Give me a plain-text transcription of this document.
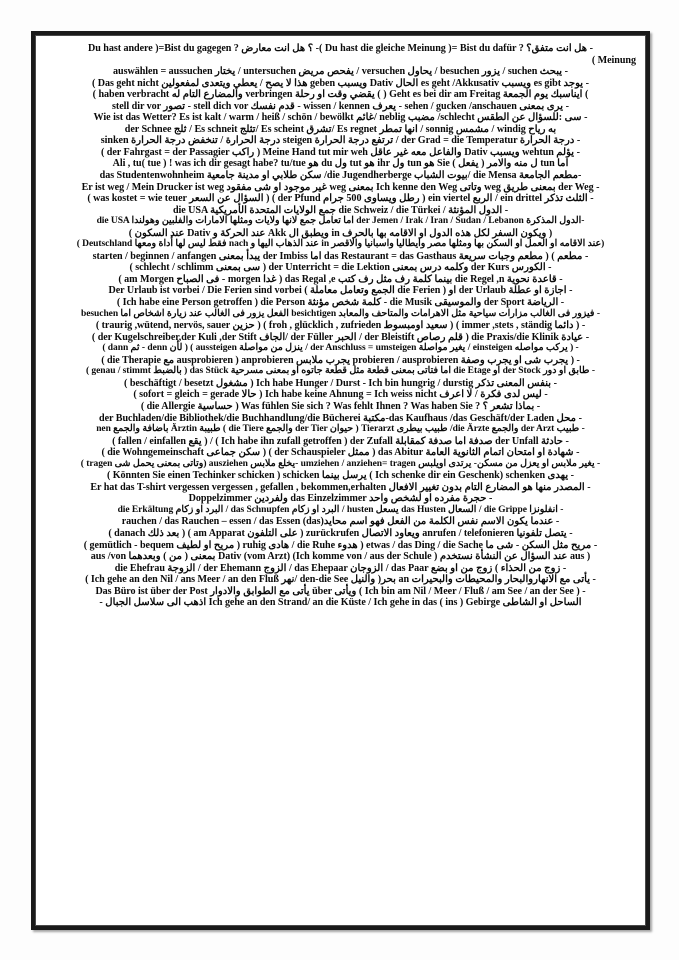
Du hast andere )=Bist du gagegen ? ؟ هل انت معارض -( Du hast die gleiche Meinung )= Bist du dafür ? هل انت متفق؟ -
( Meinung
auswählen = aussuchen يختار / untersuchen يفحص مريض / versuchen يحاول / besuchen يزور / suchen يبحث -
( Das geht nicht هذا لا يصح / يعطي ويتعدى لمفعولين geben ويسبب Dativ الحال es geht /Akkusativ ويسبب es gibt يوجد -
( haben verbracht والمضارع التام له verbringen يقضي وقت او رحلة ( ) Geht es bei dir am Freitag ايناسبك يوم الجمعة (
stell dir vor تصور - stell dich vor قدم نفسك - wissen / kennen يعرف - sehen / gucken /anschauen يرى بمعنى -
Wie ist das Wetter? Es ist kalt / warm / heiß / schön / bewölkt غائم/ neblig مضبب /schlecht سى :للسؤال عن الطقس -
der Schnee ثلج / Es schneit تثلج/ Es scheint تشرق/ Es regnet انها تمطر / sonnig مشمس / windig به رياح
sinken درجة الحرارة / تنخفض درجة الحرارة steigen ترتفع درجة الحرارة / der Grad = die Temperatur درجة الحرارة -
( der Fahrgast = der Passagier راكب ) Meine Hand tut mir weh والفاعل معه غير عاقل Dativ ويسبب wehtun يؤلم -
Ali , tu( tue ) ! was ich dir gesagt habe? tu/tue هو du ول tut هو ihr ول tun هو Sie ل منه والامر ( يفعل ) tun اما
das Studentenwohnheim سكن طلابي او مدينة جامعية /die Jugendherberge بيوت الشباب/ die Mensa مطعم الجامعة-
Er ist weg / Mein Drucker ist weg غير موجود او شى مفقود weg بمعنى Ich kenne den Weg وتاتى weg بمعنى طريق der Weg -
( was kostet = wie teuer السؤال عن السعر ) ( der Pfund رطل ويساوى 500 جرام ) ein viertel الربع / ein drittel الثلث تذكر -
die USA جمع الولايات المتحدة الأمريكية die Schweiz / die Türkei / الدول المؤنثة -
die USA اما تعامل جمع لانها ولايات ومثلها الامارات والفلبين وهولندا der Jemen / Irak / Iran / Sudan / Lebanon الدول المذكرة-
( ويكون السفر لكل هذه الدول او الاقامه بها بالحرف in ويطبق ال Akk عند الحركة و Dativ عند السكون )
( Deutschland فقط ليس لها أداة ومعها nach عند الذهاب اليها و in عند الاقامه او العمل او السكن بها ومثلها مصر وايطاليا واسبانيا والاقصر)
starten / beginnen / anfangen يبدأ بمعنى der Imbiss اما das Restaurant = das Gasthaus مطعم ) ( مطعم وجبات سريعة -
( schlecht / schlimm سى بمعنى ) der Unterricht = die Lektion وكلمه درس بمعنى der Kurs الكورس -
( am Morgen فى الصباح - morgen غدا ) das Regal ,e بينما كلمة رف مثل رف كتب die Regel ,n قاعدة نحوية -
Der Urlaub ist vorbei / Die Ferien sind vorbei ( الجمع وتعامل معاملة die Ferien ) او der Urlaub اجازة او عطلة -
( Ich habe eine Person getroffen ) die Person كلمة شخص مؤنثة - die Musik والموسيقى der Sport الرياضة -
besuchen الفعل يزور فى الغالب عند زيارة اشخاص اما besichtigen فيزور فى الغالب مزارات سياحية مثل الاهرامات والمتاحف والمعابد -
( traurig ,wütend, nervös, sauer حزين ) ( froh , glücklich , zufrieden سعيد اومبسوط ) ( immer ,stets , ständig دائما ) -
( der Kugelschreiber,der Kuli ,der Stift الجاف/ der Füller الحبر / der Bleistift قلم رصاص ) die Praxis/die Klinik عيادة -
( dann ثم - denn لأن ) ( aussteigen ينزل من مواصلة / der Anschluss = umsteigen يغير مواصلة / einsteigen يركب مواصله ) -
( die Therapie مع ausprobieren ) anprobieren يجرب ملابس probieren / ausprobieren يجرب شى او يجرب وصفة ) -
( genau / stimmt بالضبط ) das Stück اما فتاتى بمعنى قطعة مثل قطعة جاتوه او بمعنى مسرحية die Etage او der Stock طابق او دور -
( beschäftigt / besetzt مشغول ) Ich habe Hunger / Durst - Ich bin hungrig / durstig بنفس المعنى تذكر -
( sofort = gleich = gerade حالا ) Ich habe keine Ahnung = Ich weiss nicht ليس لدى فكرة / لا اعرف -
( die Allergie حساسية ) Was fühlen Sie sich ? Was fehlt Ihnen ? Was haben Sie ? بماذا تشعر ؟ -
der Buchladen/die Bibliothek/die Buchhandlung/die Bücherei مكتبة-das Kaufhaus /das Geschäft/der Laden محل -
nen باضافة والجمع Ärztin طبيبة ( die Tiere والجمع der Tier حيوان ) Tierarzt طبيب بيطرى /die Ärzte والجمع der Arzt طبيب -
( fallen / einfallen يقع ) / ( Ich habe ihn zufall getroffen ) der Zufall صدفة اما صدفة كمقابلة der Unfall حادثة -
( die Wohngemeinschaft سكن جماعى ) ( der Schauspieler ممثل ) das Abitur شهادة او امتحان اتمام الثانوية العامة -
( tragen وتاتى بمعنى يحمل شى) ausziehen يخلع ملابس- umziehen / anziehen= tragen يغير ملابس او يعزل من مسكن- يرتدى اويلبس -
( Könnten Sie einen Techinker schicken ) schicken يرسل بينما ( Ich schenke dir ein Geschenk) schenken يهدى -
Er hat das T-shirt vergessen vergessen , gefallen , bekommen,erhalten المصدر منها هو المضارع التام بدون تغيير الافعال -
Doppelzimmer ولفردين das Einzelzimmer حجرة مفرده او لشخص واحد -
die Erkältung البرد او زكام / das Schnupfen البرد او زكام / husten يسعل das Husten السعال / die Grippe انفلونزا -
rauchen / das Rauchen – essen / das Essen (das)عندما يكون الاسم نفس الكلمة من الفعل فهو اسم محايد -
( danach بعد ذلك ) ( am Apparat على التلفون ) zurückrufen ويعاود الاتصال anrufen / telefonieren يتصل تلفونيا -
( gemütlich - bequem مريح او لطيف ) ruhig هادى / die Ruhe هدوء ) etwas / das Ding / die Sache مريح مثل السكن - شى ما -
aus /von بمعنى ( من ) وبعدهما Dativ (vom Arzt) (Ich komme von / aus der Schule ) عند السؤال عن النشأة نستخدم aus )
die Ehefrau الزوجة / der Ehemann الزوج / das Ehepaar الزوجان / das Paar زوج من الحذاء ) زوج من او بضع -
( Ich gehe an den Nil / ans Meer / an den Fluß نهر/ den-die See بحر( والنيل an يأتى مع الانهاروالبحار والمحيطات والبحيرات -
Das Büro ist über der Post يأتى مع الطوابق والادوار über ويأتى ( Ich bin am Nil / Meer / Fluß / am See / an der See ) -
الساحل او الشاطى Ich gehe an den Strand/ an die Küste / Ich gehe in das ( ins ) Gebirge اذهب الى سلاسل الجبال -
